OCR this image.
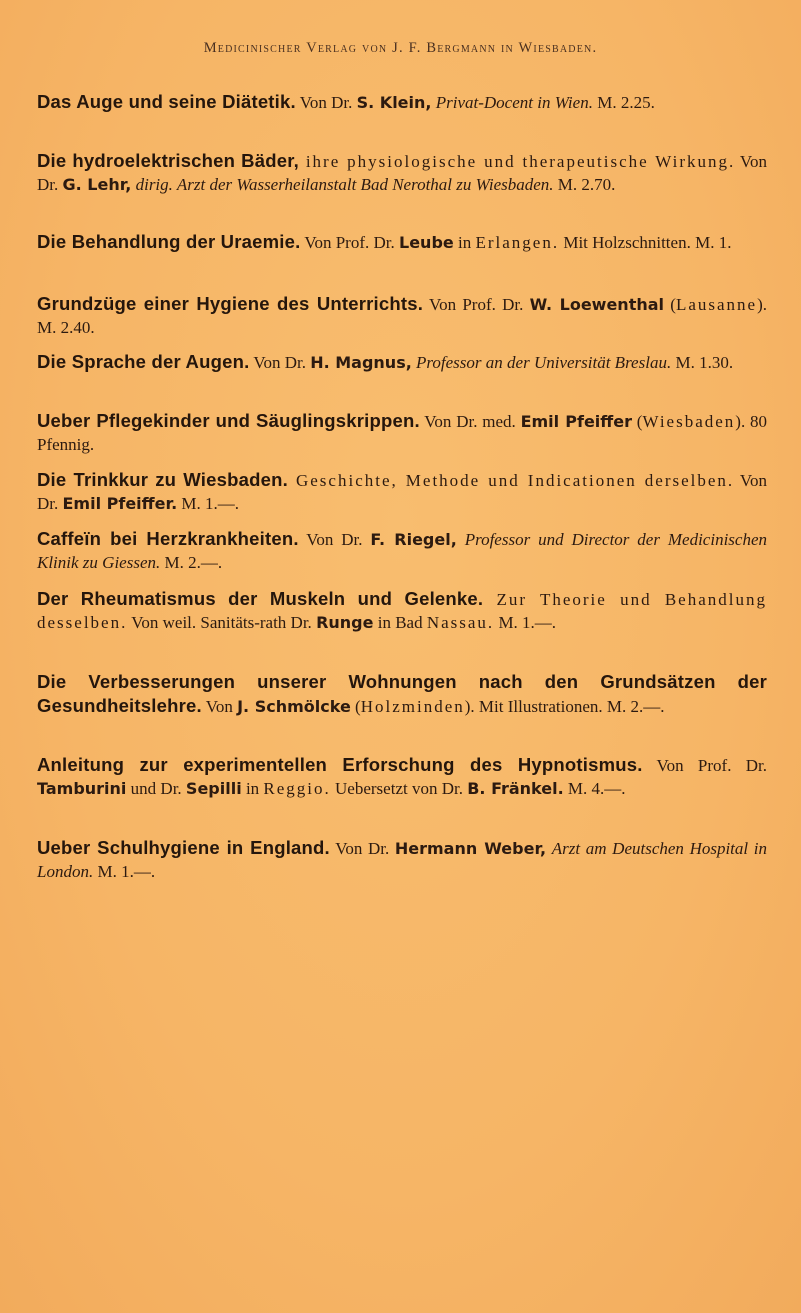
Medicinischer Verlag von J. F. Bergmann in Wiesbaden.
Das Auge und seine Diätetik. Von Dr. S. Klein, Privat-Docent in Wien. M. 2.25.
Die hydroelektrischen Bäder, ihre physiologische und therapeutische Wirkung. Von Dr. G. Lehr, dirig. Arzt der Wasserheilanstalt Bad Nerothal zu Wiesbaden. M. 2.70.
Die Behandlung der Uraemie. Von Prof. Dr. Leube in Erlangen. Mit Holzschnitten. M. 1.
Grundzüge einer Hygiene des Unterrichts. Von Prof. Dr. W. Loewenthal (Lausanne). M. 2.40.
Die Sprache der Augen. Von Dr. H. Magnus, Professor an der Universität Breslau. M. 1.30.
Ueber Pflegekinder und Säuglingskrippen. Von Dr. med. Emil Pfeiffer (Wiesbaden). 80 Pfennig.
Die Trinkkur zu Wiesbaden. Geschichte, Methode und Indicationen derselben. Von Dr. Emil Pfeiffer. M. 1.—.
Caffeïn bei Herzkrankheiten. Von Dr. F. Riegel, Professor und Director der Medicinischen Klinik zu Giessen. M. 2.—.
Der Rheumatismus der Muskeln und Gelenke. Zur Theorie und Behandlung desselben. Von weil. Sanitäts-rath Dr. Runge in Bad Nassau. M. 1.—.
Die Verbesserungen unserer Wohnungen nach den Grundsätzen der Gesundheitslehre. Von J. Schmölcke (Holzminden). Mit Illustrationen. M. 2.—.
Anleitung zur experimentellen Erforschung des Hypnotismus. Von Prof. Dr. Tamburini und Dr. Sepilli in Reggio. Uebersetzt von Dr. B. Fränkel. M. 4.—.
Ueber Schulhygiene in England. Von Dr. Hermann Weber, Arzt am Deutschen Hospital in London. M. 1.—.
